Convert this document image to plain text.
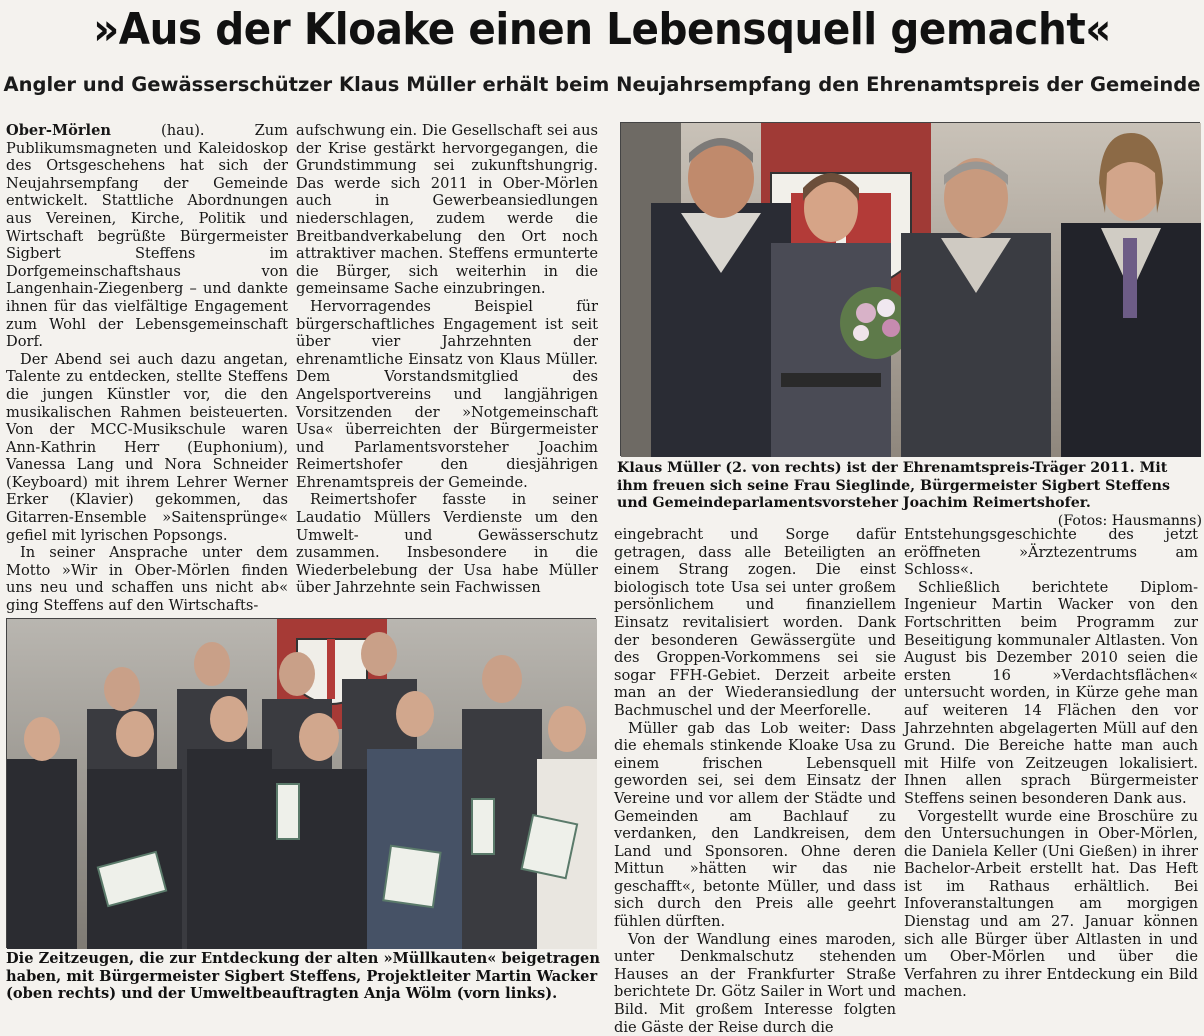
»Aus der Kloake einen Lebensquell gemacht«
Angler und Gewässerschützer Klaus Müller erhält beim Neujahrsempfang den Ehrenamtspreis der Gemeinde

Ober-Mörlen (hau). Zum Publikumsmagneten und Kaleidoskop des Ortsgeschehens hat sich der Neujahrsempfang der Gemeinde entwickelt. Stattliche Abordnungen aus Vereinen, Kirche, Politik und Wirtschaft begrüßte Bürgermeister Sigbert Steffens im Dorfgemeinschaftshaus von Langenhain-Ziegenberg – und dankte ihnen für das vielfältige Engagement zum Wohl der Lebensgemeinschaft Dorf.

Der Abend sei auch dazu angetan, Talente zu entdecken, stellte Steffens die jungen Künstler vor, die den musikalischen Rahmen beisteuerten. Von der MCC-Musikschule waren Ann-Kathrin Herr (Euphonium), Vanessa Lang und Nora Schneider (Keyboard) mit ihrem Lehrer Werner Erker (Klavier) gekommen, das Gitarren-Ensemble »Saitensprünge« gefiel mit lyrischen Popsongs.

In seiner Ansprache unter dem Motto »Wir in Ober-Mörlen finden uns neu und schaffen uns nicht ab« ging Steffens auf den Wirtschafts-

aufschwung ein. Die Gesellschaft sei aus der Krise gestärkt hervorgegangen, die Grundstimmung sei zukunftshungrig. Das werde sich 2011 in Ober-Mörlen auch in Gewerbeansiedlungen niederschlagen, zudem werde die Breitbandverkabelung den Ort noch attraktiver machen. Steffens ermunterte die Bürger, sich weiterhin in die gemeinsame Sache einzubringen.

Hervorragendes Beispiel für bürgerschaftliches Engagement ist seit über vier Jahrzehnten der ehrenamtliche Einsatz von Klaus Müller. Dem Vorstandsmitglied des Angelsportvereins und langjährigen Vorsitzenden der »Notgemeinschaft Usa« überreichten der Bürgermeister und Parlamentsvorsteher Joachim Reimertshofer den diesjährigen Ehrenamtspreis der Gemeinde.

Reimertshofer fasste in seiner Laudatio Müllers Verdienste um den Umwelt- und Gewässerschutz zusammen. Insbesondere in die Wiederbelebung der Usa habe Müller über Jahrzehnte sein Fachwissen

Klaus Müller (2. von rechts) ist der Ehrenamtspreis-Träger 2011. Mit ihm freuen sich seine Frau Sieglinde, Bürgermeister Sigbert Steffens und Gemeindeparlamentsvorsteher Joachim Reimertshofer.
(Fotos: Hausmanns)

eingebracht und Sorge dafür getragen, dass alle Beteiligten an einem Strang zogen. Die einst biologisch tote Usa sei unter großem persönlichem und finanziellem Einsatz revitalisiert worden. Dank der besonderen Gewässergüte und des Groppen-Vorkommens sei sie sogar FFH-Gebiet. Derzeit arbeite man an der Wiederansiedlung der Bachmuschel und der Meerforelle.

Müller gab das Lob weiter: Dass die ehemals stinkende Kloake Usa zu einem frischen Lebensquell geworden sei, sei dem Einsatz der Vereine und vor allem der Städte und Gemeinden am Bachlauf zu verdanken, den Landkreisen, dem Land und Sponsoren. Ohne deren Mittun »hätten wir das nie geschafft«, betonte Müller, und dass sich durch den Preis alle geehrt fühlen dürften.

Von der Wandlung eines maroden, unter Denkmalschutz stehenden Hauses an der Frankfurter Straße berichtete Dr. Götz Sailer in Wort und Bild. Mit großem Interesse folgten die Gäste der Reise durch die

Entstehungsgeschichte des jetzt eröffneten »Ärztezentrums am Schloss«.

Schließlich berichtete Diplom-Ingenieur Martin Wacker von den Fortschritten beim Programm zur Beseitigung kommunaler Altlasten. Von August bis Dezember 2010 seien die ersten 16 »Verdachtsflächen« untersucht worden, in Kürze gehe man auf weiteren 14 Flächen den vor Jahrzehnten abgelagerten Müll auf den Grund. Die Bereiche hatte man auch mit Hilfe von Zeitzeugen lokalisiert. Ihnen allen sprach Bürgermeister Steffens seinen besonderen Dank aus.

Vorgestellt wurde eine Broschüre zu den Untersuchungen in Ober-Mörlen, die Daniela Keller (Uni Gießen) in ihrer Bachelor-Arbeit erstellt hat. Das Heft ist im Rathaus erhältlich. Bei Infoveranstaltungen am morgigen Dienstag und am 27. Januar können sich alle Bürger über Altlasten in und um Ober-Mörlen und über die Verfahren zu ihrer Entdeckung ein Bild machen.

Die Zeitzeugen, die zur Entdeckung der alten »Müllkauten« beigetragen haben, mit Bürgermeister Sigbert Steffens, Projektleiter Martin Wacker (oben rechts) und der Umweltbeauftragten Anja Wölm (vorn links).
